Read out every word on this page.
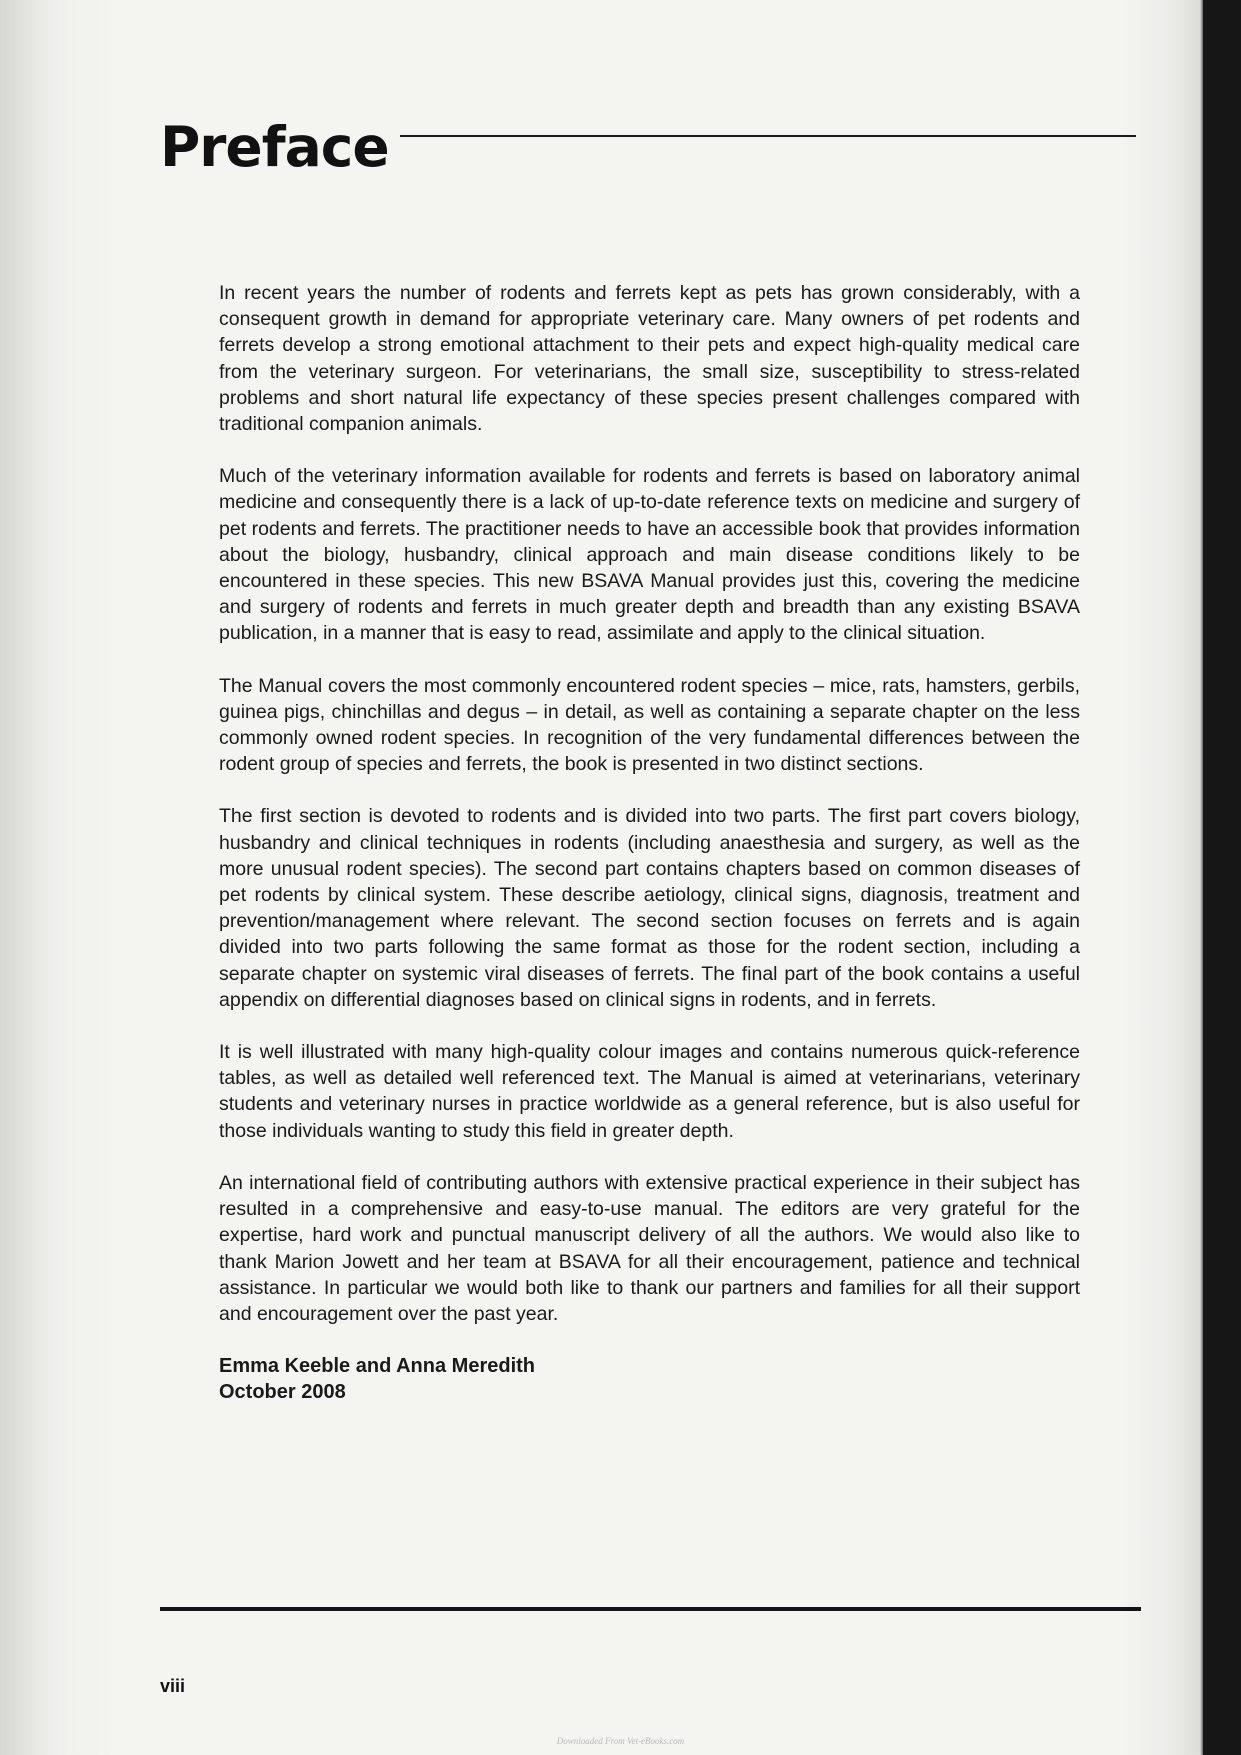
Preface

In recent years the number of rodents and ferrets kept as pets has grown considerably, with a consequent growth in demand for appropriate veterinary care. Many owners of pet rodents and ferrets develop a strong emotional attachment to their pets and expect high-quality medical care from the veterinary surgeon. For veterinarians, the small size, susceptibility to stress-related problems and short natural life expectancy of these species present challenges compared with traditional companion animals.

Much of the veterinary information available for rodents and ferrets is based on laboratory animal medicine and consequently there is a lack of up-to-date reference texts on medicine and surgery of pet rodents and ferrets. The practitioner needs to have an accessible book that provides information about the biology, husbandry, clinical approach and main disease conditions likely to be encountered in these species. This new BSAVA Manual provides just this, covering the medicine and surgery of rodents and ferrets in much greater depth and breadth than any existing BSAVA publication, in a manner that is easy to read, assimilate and apply to the clinical situation.

The Manual covers the most commonly encountered rodent species – mice, rats, hamsters, gerbils, guinea pigs, chinchillas and degus – in detail, as well as containing a separate chapter on the less commonly owned rodent species. In recognition of the very fundamental differences between the rodent group of species and ferrets, the book is presented in two distinct sections.

The first section is devoted to rodents and is divided into two parts. The first part covers biology, husbandry and clinical techniques in rodents (including anaesthesia and surgery, as well as the more unusual rodent species). The second part contains chapters based on common diseases of pet rodents by clinical system. These describe aetiology, clinical signs, diagnosis, treatment and prevention/management where relevant. The second section focuses on ferrets and is again divided into two parts following the same format as those for the rodent section, including a separate chapter on systemic viral diseases of ferrets. The final part of the book contains a useful appendix on differential diagnoses based on clinical signs in rodents, and in ferrets.

It is well illustrated with many high-quality colour images and contains numerous quick-reference tables, as well as detailed well referenced text. The Manual is aimed at veterinarians, veterinary students and veterinary nurses in practice worldwide as a general reference, but is also useful for those individuals wanting to study this field in greater depth.

An international field of contributing authors with extensive practical experience in their subject has resulted in a comprehensive and easy-to-use manual. The editors are very grateful for the expertise, hard work and punctual manuscript delivery of all the authors. We would also like to thank Marion Jowett and her team at BSAVA for all their encouragement, patience and technical assistance. In particular we would both like to thank our partners and families for all their support and encouragement over the past year.

Emma Keeble and Anna Meredith
October 2008
viii
Downloaded From Vet-eBooks.com
